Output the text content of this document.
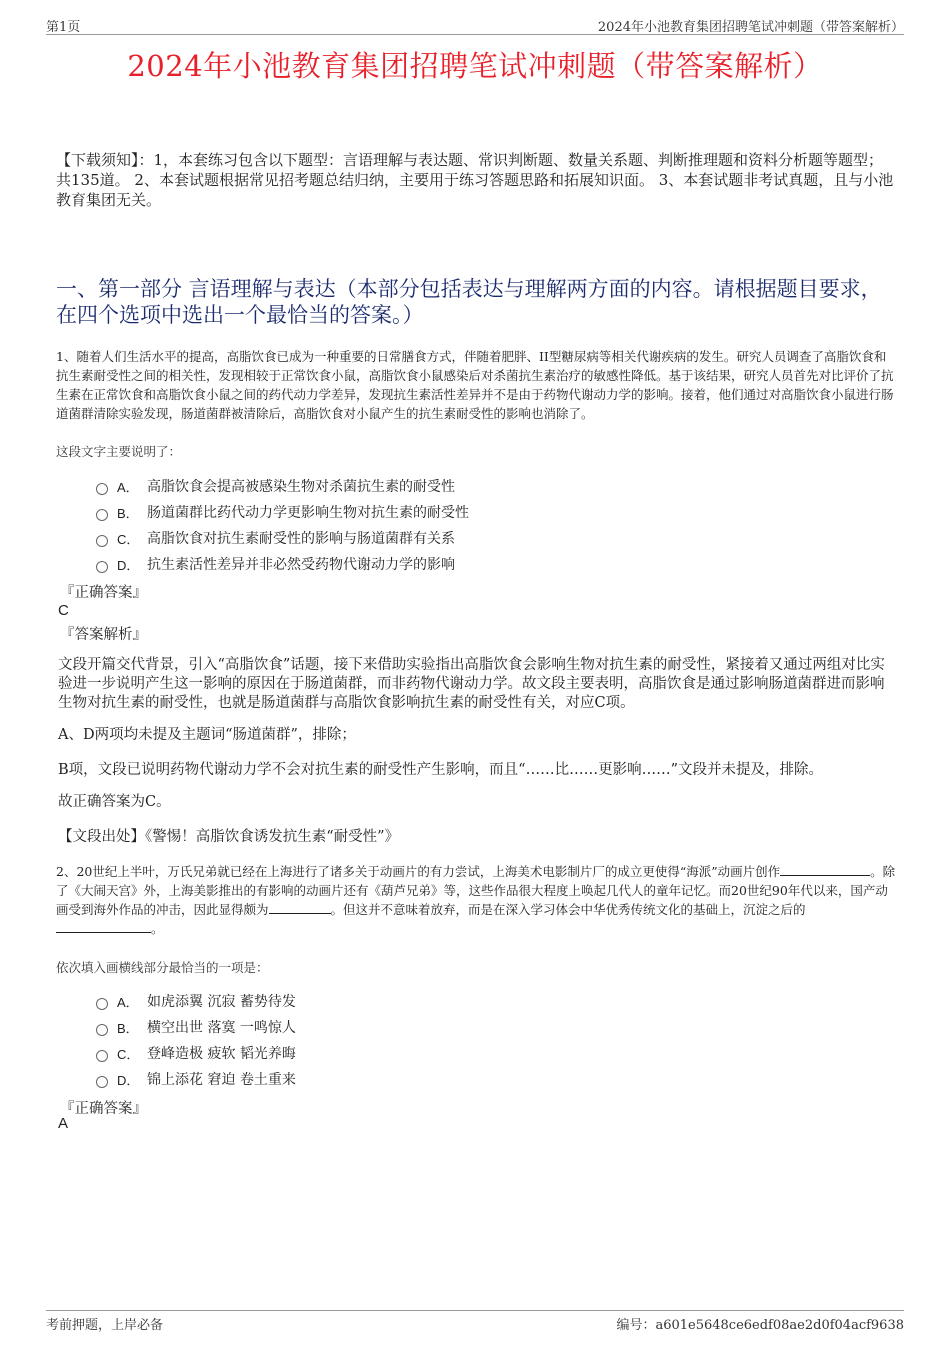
第1页	2024年小池教育集团招聘笔试冲刺题（带答案解析）
2024年小池教育集团招聘笔试冲刺题（带答案解析）
【下载须知】：1，本套练习包含以下题型：言语理解与表达题、常识判断题、数量关系题、判断推理题和资料分析题等题型；共135道。 2、本套试题根据常见招考题总结归纳，主要用于练习答题思路和拓展知识面。 3、本套试题非考试真题，且与小池教育集团无关。
一、第一部分 言语理解与表达（本部分包括表达与理解两方面的内容。请根据题目要求，在四个选项中选出一个最恰当的答案。）
1、随着人们生活水平的提高，高脂饮食已成为一种重要的日常膳食方式，伴随着肥胖、II型糖尿病等相关代谢疾病的发生。研究人员调查了高脂饮食和抗生素耐受性之间的相关性，发现相较于正常饮食小鼠，高脂饮食小鼠感染后对杀菌抗生素治疗的敏感性降低。基于该结果，研究人员首先对比评价了抗生素在正常饮食和高脂饮食小鼠之间的药代动力学差异，发现抗生素活性差异并不是由于药物代谢动力学的影响。接着，他们通过对高脂饮食小鼠进行肠道菌群清除实验发现，肠道菌群被清除后，高脂饮食对小鼠产生的抗生素耐受性的影响也消除了。
这段文字主要说明了：
A． 高脂饮食会提高被感染生物对杀菌抗生素的耐受性
B． 肠道菌群比药代动力学更影响生物对抗生素的耐受性
C． 高脂饮食对抗生素耐受性的影响与肠道菌群有关系
D． 抗生素活性差异并非必然受药物代谢动力学的影响
『正确答案』
C
『答案解析』
文段开篇交代背景，引入“高脂饮食”话题，接下来借助实验指出高脂饮食会影响生物对抗生素的耐受性，紧接着又通过两组对比实验进一步说明产生这一影响的原因在于肠道菌群，而非药物代谢动力学。故文段主要表明，高脂饮食是通过影响肠道菌群进而影响生物对抗生素的耐受性，也就是肠道菌群与高脂饮食影响抗生素的耐受性有关，对应C项。
A、D两项均未提及主题词“肠道菌群”，排除；
B项，文段已说明药物代谢动力学不会对抗生素的耐受性产生影响，而且“……比……更影响……”文段并未提及，排除。
故正确答案为C。
【文段出处】《警惕！高脂饮食诱发抗生素“耐受性”》
2、20世纪上半叶，万氏兄弟就已经在上海进行了诸多关于动画片的有力尝试，上海美术电影制片厂的成立更使得“海派”动画片创作	。除了《大闹天宫》外，上海美影推出的有影响的动画片还有《葫芦兄弟》等，这些作品很大程度上唤起几代人的童年记忆。而20世纪90年代以来，国产动画受到海外作品的冲击，因此显得颇为	。但这并不意味着放弃，而是在深入学习体会中华优秀传统文化的基础上，沉淀之后的。
依次填入画横线部分最恰当的一项是：
A． 如虎添翼 沉寂 蓄势待发
B． 横空出世 落寞 一鸣惊人
C． 登峰造极 疲软 韬光养晦
D． 锦上添花 窘迫 卷土重来
『正确答案』
A
考前押题，上岸必备	编号：a601e5648ce6edf08ae2d0f04acf9638
